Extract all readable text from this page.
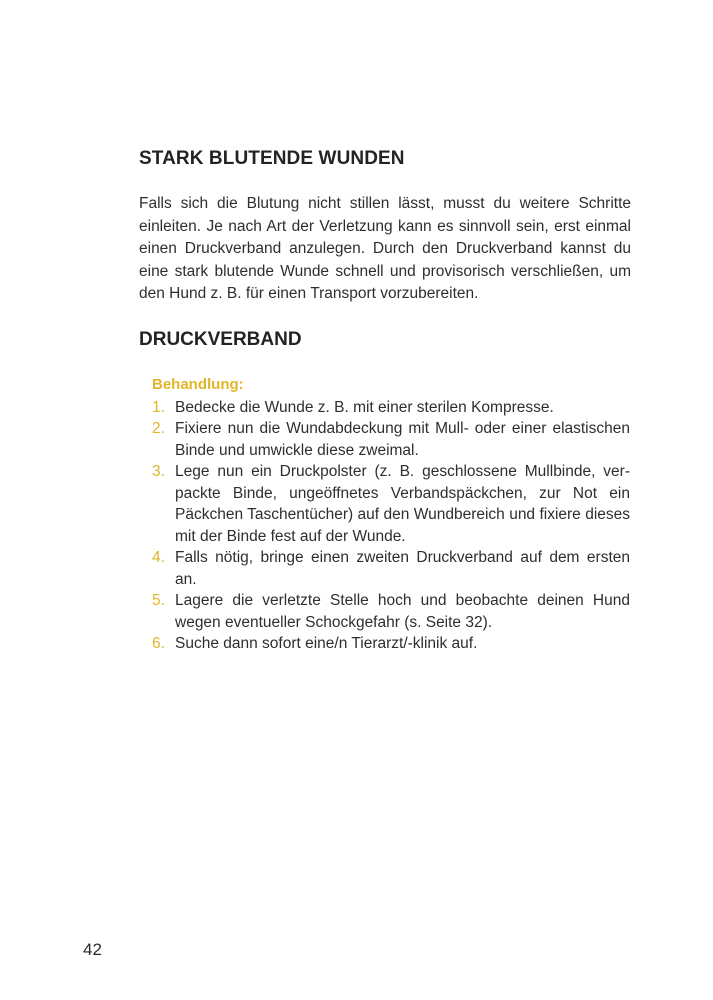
STARK BLUTENDE WUNDEN

Falls sich die Blutung nicht stillen lässt, musst du weitere Schritte einleiten. Je nach Art der Verletzung kann es sinnvoll sein, erst einmal einen Druckverband anzulegen. Durch den Druckverband kannst du eine stark blutende Wunde schnell und provisorisch verschließen, um den Hund z. B. für einen Transport vorzubereiten.

DRUCKVERBAND
Behandlung:
1. Bedecke die Wunde z. B. mit einer sterilen Kompresse.
2. Fixiere nun die Wundabdeckung mit Mull- oder einer elastischen Binde und umwickle diese zweimal.
3. Lege nun ein Druckpolster (z. B. geschlossene Mullbinde, verpackte Binde, ungeöffnetes Verbandspäckchen, zur Not ein Päckchen Taschentücher) auf den Wundbereich und fixiere dieses mit der Binde fest auf der Wunde.
4. Falls nötig, bringe einen zweiten Druckverband auf dem ersten an.
5. Lagere die verletzte Stelle hoch und beobachte deinen Hund wegen eventueller Schockgefahr (s. Seite 32).
6. Suche dann sofort eine/n Tierarzt/-klinik auf.
42
